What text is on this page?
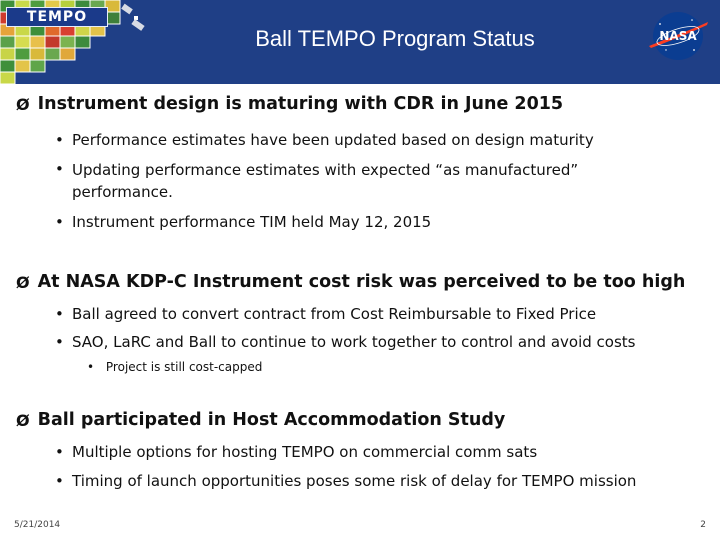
TEMPO
Ball TEMPO Program Status	NASA
Ø Instrument design is maturing with CDR in June 2015
• Performance estimates have been updated based on design maturity
• Updating performance estimates with expected “as manufactured” performance.
• Instrument performance TIM held May 12, 2015
Ø At NASA KDP-C Instrument cost risk was perceived to be too high
• Ball agreed to convert contract from Cost Reimbursable to Fixed Price
• SAO, LaRC and Ball to continue to work together to control and avoid costs
• Project is still cost-capped
Ø Ball participated in Host Accommodation Study
• Multiple options for hosting TEMPO on commercial comm sats
• Timing of launch opportunities poses some risk of delay for TEMPO mission
5/21/2014	2
